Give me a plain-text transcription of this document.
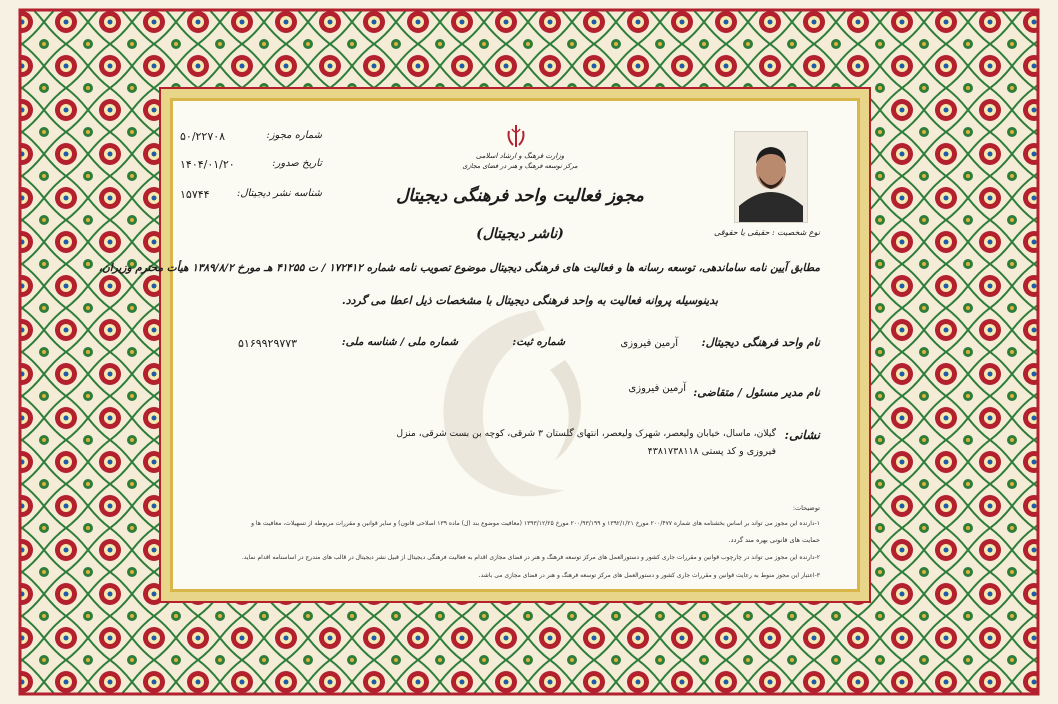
وزارت فرهنگ و ارشاد اسلامی
مرکز توسعه فرهنگ و هنر در فضای مجازی
مجوز فعالیت واحد فرهنگی دیجیتال
(ناشر دیجیتال)
شماره مجوز:
۵۰/۲۲۷۰۸
تاریخ صدور:
۱۴۰۴/۰۱/۲۰
شناسه نشر دیجیتال:
۱۵۷۴۴
نوع شخصیت : حقیقی یا حقوقی
مطابق آیین نامه ساماندهی، توسعه رسانه ها و فعالیت های فرهنگی دیجیتال موضوع تصویب نامه شماره ۱۷۲۴۱۲ / ت ۴۱۲۵۵ هـ مورخ ۱۳۸۹/۸/۲ هیأت محترم وزیران،
بدینوسیله پروانه فعالیت به واحد فرهنگی دیجیتال با مشخصات ذیل اعطا می گردد.
نام واحد فرهنگی دیجیتال:
آرمین فیروزی
شماره ثبت:
شماره ملی / شناسه ملی:
۵۱۶۹۹۲۹۷۷۳
نام مدیر مسئول / متقاضی:
آرمین فیروزی
نشانی:
گیلان، ماسال، خیابان ولیعصر، شهرک ولیعصر، انتهای گلستان ۳ شرقی، کوچه بن بست شرقی، منزل
فیروزی و کد پستی ۴۳۸۱۷۳۸۱۱۸
توضیحات:
۱-دارنده این مجوز می تواند بر اساس بخشنامه های شماره ۲۰۰/۴۷۷ مورخ ۱۳۹۲/۱/۲۱ و ۲۰۰/۹۳/۱۹۹ مورخ ۱۳۹۳/۱۲/۲۵ (معافیت موضوع بند (ل) ماده ۱۳۹ اصلاحی قانون) و سایر قوانین و مقررات مربوطه از تسهیلات، معافیت ها و
حمایت های قانونی بهره مند گردد.
۲-دارنده این مجوز می تواند در چارچوب قوانین و مقررات جاری کشور و دستورالعمل های مرکز توسعه فرهنگ و هنر در فضای مجازی اقدام به فعالیت فرهنگی دیجیتال از قبیل نشر دیجیتال در قالب های مندرج در اساسنامه اقدام نماید.
۳-اعتبار این مجوز منوط به رعایت قوانین و مقررات جاری کشور و دستورالعمل های مرکز توسعه فرهنگ و هنر در فضای مجازی می باشد.
